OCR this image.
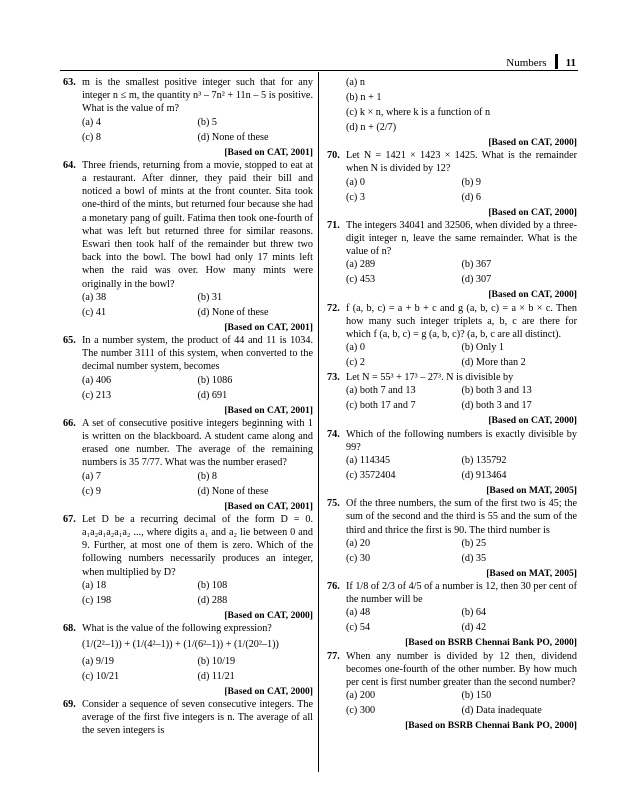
Numbers 11
63. m is the smallest positive integer such that for any integer n ≤ m, the quantity n³ – 7n² + 11n – 5 is positive. What is the value of m?

(a) 4	(b) 5
(c) 8	(d) None of these
[Based on CAT, 2001]
64. Three friends, returning from a movie, stopped to eat at a restaurant. After dinner, they paid their bill and noticed a bowl of mints at the front counter. Sita took one-third of the mints, but returned four because she had a monetary pang of guilt. Fatima then took one-fourth of what was left but returned three for similar reasons. Eswari then took half of the remainder but threw two back into the bowl. The bowl had only 17 mints left when the raid was over. How many mints were originally in the bowl?

(a) 38	(b) 31
(c) 41	(d) None of these
[Based on CAT, 2001]
65. In a number system, the product of 44 and 11 is 1034. The number 3111 of this system, when converted to the decimal number system, becomes

(a) 406	(b) 1086
(c) 213	(d) 691
[Based on CAT, 2001]
66. A set of consecutive positive integers beginning with 1 is written on the blackboard. A student came along and erased one number. The average of the remaining numbers is 35 7/77. What was the number erased?

(a) 7	(b) 8
(c) 9	(d) None of these
[Based on CAT, 2001]
67. Let D be a recurring decimal of the form D = 0. a₁a₂a₁a₂a₁a₂ ..., where digits a₁ and a₂ lie between 0 and 9. Further, at most one of them is zero. Which of the following numbers necessarily produces an integer, when multiplied by D?

(a) 18	(b) 108
(c) 198	(d) 288
[Based on CAT, 2000]
68. What is the value of the following expression?

(1/(2²–1)) + (1/(4²–1)) + (1/(6²–1)) + (1/(20²–1))

(a) 9/19	(b) 10/19
(c) 10/21	(d) 11/21
[Based on CAT, 2000]
69. Consider a sequence of seven consecutive integers. The average of the first five integers is n. The average of all the seven integers is

(a) n
(b) n + 1
(c) k × n, where k is a function of n
(d) n + (2/7)
[Based on CAT, 2000]
70. Let N = 1421 × 1423 × 1425. What is the remainder when N is divided by 12?

(a) 0	(b) 9
(c) 3	(d) 6
[Based on CAT, 2000]
71. The integers 34041 and 32506, when divided by a three-digit integer n, leave the same remainder. What is the value of n?

(a) 289	(b) 367
(c) 453	(d) 307
[Based on CAT, 2000]
72. f (a, b, c) = a + b + c and g (a, b, c) = a × b × c. Then how many such integer triplets a, b, c are there for which f (a, b, c) = g (a, b, c)? (a, b, c are all distinct).

(a) 0	(b) Only 1
(c) 2	(d) More than 2
73. Let N = 55³ + 17³ – 27³. N is divisible by

(a) both 7 and 13	(b) both 3 and 13
(c) both 17 and 7	(d) both 3 and 17
[Based on CAT, 2000]
74. Which of the following numbers is exactly divisible by 99?

(a) 114345	(b) 135792
(c) 3572404	(d) 913464
[Based on MAT, 2005]
75. Of the three numbers, the sum of the first two is 45; the sum of the second and the third is 55 and the sum of the third and thrice the first is 90. The third number is

(a) 20	(b) 25
(c) 30	(d) 35
[Based on MAT, 2005]
76. If 1/8 of 2/3 of 4/5 of a number is 12, then 30 per cent of the number will be

(a) 48	(b) 64
(c) 54	(d) 42
[Based on BSRB Chennai Bank PO, 2000]
77. When any number is divided by 12 then, dividend becomes one-fourth of the other number. By how much per cent is first number greater than the second number?

(a) 200	(b) 150
(c) 300	(d) Data inadequate
[Based on BSRB Chennai Bank PO, 2000]
